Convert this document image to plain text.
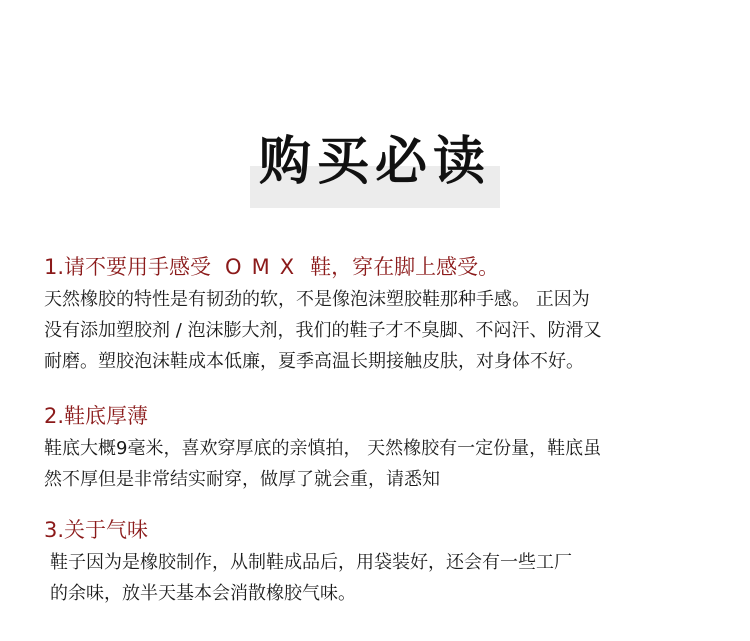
购买必读
1.请不要用手感受 OMX 鞋，穿在脚上感受。
天然橡胶的特性是有韧劲的软，不是像泡沫塑胶鞋那种手感。 正因为
没有添加塑胶剂 / 泡沫膨大剂，我们的鞋子才不臭脚、不闷汗、防滑又
耐磨。塑胶泡沫鞋成本低廉，夏季高温长期接触皮肤，对身体不好。
2.鞋底厚薄
鞋底大概9毫米，喜欢穿厚底的亲慎拍， 天然橡胶有一定份量，鞋底虽
然不厚但是非常结实耐穿，做厚了就会重，请悉知
3.关于气味
鞋子因为是橡胶制作，从制鞋成品后，用袋装好，还会有一些工厂
的余味，放半天基本会消散橡胶气味。
